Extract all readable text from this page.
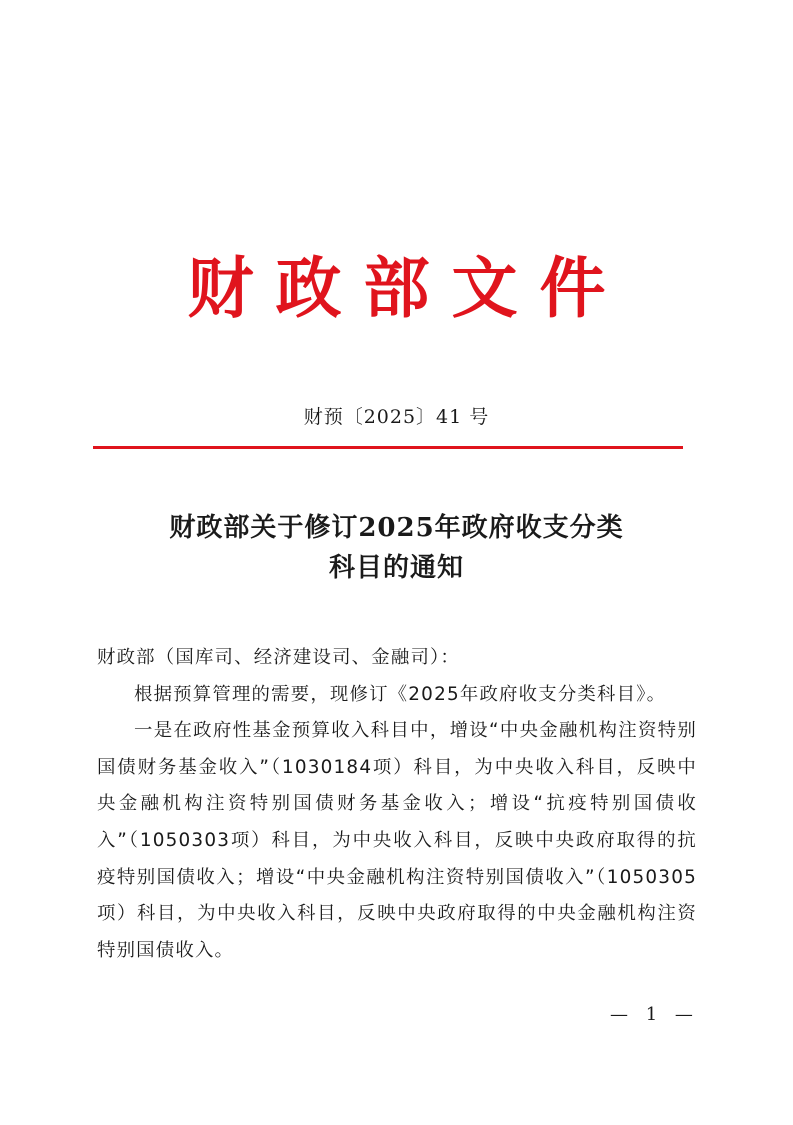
财政部文件
财预〔2025〕41 号
财政部关于修订2025年政府收支分类
科目的通知

财政部（国库司、经济建设司、金融司）：

根据预算管理的需要，现修订《2025年政府收支分类科目》。

一是在政府性基金预算收入科目中，增设“中央金融机构注资特别国债财务基金收入”（1030184项）科目，为中央收入科目，反映中央金融机构注资特别国债财务基金收入；增设“抗疫特别国债收入”（1050303项）科目，为中央收入科目，反映中央政府取得的抗疫特别国债收入；增设“中央金融机构注资特别国债收入”（1050305项）科目，为中央收入科目，反映中央政府取得的中央金融机构注资特别国债收入。

— 1 —
